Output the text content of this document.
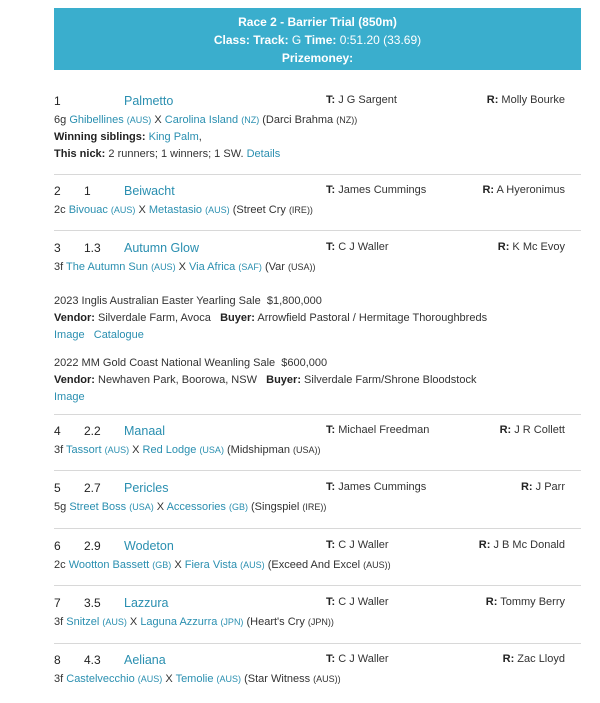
Race 2 - Barrier Trial (850m)
Class: Track: G Time: 0:51.20 (33.69)
Prizemoney:
1	Palmetto	T: J G Sargent	R: Molly Bourke
6g Ghibellines (AUS) X Carolina Island (NZ) (Darci Brahma (NZ))
Winning siblings: King Palm,
This nick: 2 runners; 1 winners; 1 SW. Details
2 1	Beiwacht	T: James Cummings	R: A Hyeronimus
2c Bivouac (AUS) X Metastasio (AUS) (Street Cry (IRE))
3 1.3 Autumn Glow	T: C J Waller	R: K Mc Evoy
3f The Autumn Sun (AUS) X Via Africa (SAF) (Var (USA))
2023 Inglis Australian Easter Yearling Sale $1,800,000
Vendor: Silverdale Farm, Avoca Buyer: Arrowfield Pastoral / Hermitage Thoroughbreds
Image Catalogue
2022 MM Gold Coast National Weanling Sale $600,000
Vendor: Newhaven Park, Boorowa, NSW Buyer: Silverdale Farm/Shrone Bloodstock
Image
4 2.2 Manaal	T: Michael Freedman	R: J R Collett
3f Tassort (AUS) X Red Lodge (USA) (Midshipman (USA))
5 2.7 Pericles	T: James Cummings	R: J Parr
5g Street Boss (USA) X Accessories (GB) (Singspiel (IRE))
6 2.9 Wodeton	T: C J Waller	R: J B Mc Donald
2c Wootton Bassett (GB) X Fiera Vista (AUS) (Exceed And Excel (AUS))
7 3.5 Lazzura	T: C J Waller	R: Tommy Berry
3f Snitzel (AUS) X Laguna Azzurra (JPN) (Heart's Cry (JPN))
8 4.3 Aeliana	T: C J Waller	R: Zac Lloyd
3f Castelvecchio (AUS) X Temolie (AUS) (Star Witness (AUS))
